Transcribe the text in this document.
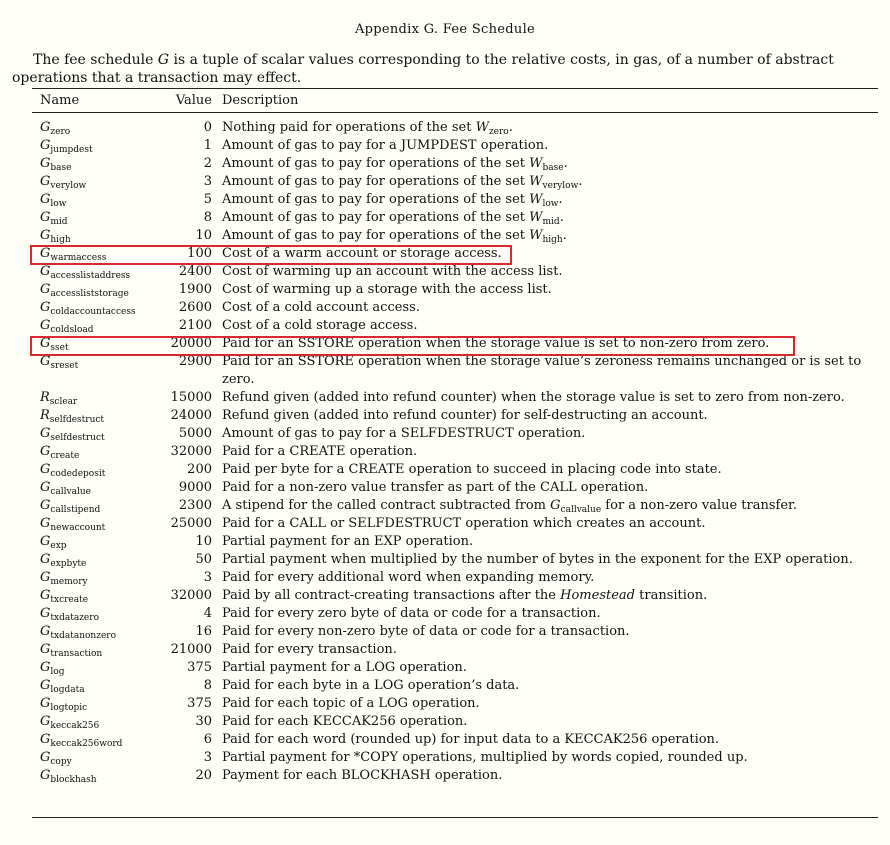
Appendix G. Fee Schedule
The fee schedule G is a tuple of scalar values corresponding to the relative costs, in gas, of a number of abstract
operations that a transaction may effect.
Name	Value	Description
$G_{zero}$	0	Nothing paid for operations of the set $W_{zero}$.
$G_{jumpdest}$	1	Amount of gas to pay for a JUMPDEST operation.
$G_{base}$	2	Amount of gas to pay for operations of the set $W_{base}$.
$G_{verylow}$	3	Amount of gas to pay for operations of the set $W_{verylow}$.
$G_{low}$	5	Amount of gas to pay for operations of the set $W_{low}$.
$G_{mid}$	8	Amount of gas to pay for operations of the set $W_{mid}$.
$G_{high}$	10	Amount of gas to pay for operations of the set $W_{high}$.
$G_{warmaccess}$	100	Cost of a warm account or storage access.
$G_{accesslistaddress}$	2400	Cost of warming up an account with the access list.
$G_{accessliststorage}$	1900	Cost of warming up a storage with the access list.
$G_{coldaccountaccess}$	2600	Cost of a cold account access.
$G_{coldsload}$	2100	Cost of a cold storage access.
$G_{sset}$	20000	Paid for an SSTORE operation when the storage value is set to non-zero from zero.
$G_{sreset}$	2900	Paid for an SSTORE operation when the storage value’s zeroness remains unchanged or is set to zero.
$R_{sclear}$	15000	Refund given (added into refund counter) when the storage value is set to zero from non-zero.
$R_{selfdestruct}$	24000	Refund given (added into refund counter) for self-destructing an account.
$G_{selfdestruct}$	5000	Amount of gas to pay for a SELFDESTRUCT operation.
$G_{create}$	32000	Paid for a CREATE operation.
$G_{codedeposit}$	200	Paid per byte for a CREATE operation to succeed in placing code into state.
$G_{callvalue}$	9000	Paid for a non-zero value transfer as part of the CALL operation.
$G_{callstipend}$	2300	A stipend for the called contract subtracted from $G_{callvalue}$ for a non-zero value transfer.
$G_{newaccount}$	25000	Paid for a CALL or SELFDESTRUCT operation which creates an account.
$G_{exp}$	10	Partial payment for an EXP operation.
$G_{expbyte}$	50	Partial payment when multiplied by the number of bytes in the exponent for the EXP operation.
$G_{memory}$	3	Paid for every additional word when expanding memory.
$G_{txcreate}$	32000	Paid by all contract-creating transactions after the Homestead transition.
$G_{txdatazero}$	4	Paid for every zero byte of data or code for a transaction.
$G_{txdatanonzero}$	16	Paid for every non-zero byte of data or code for a transaction.
$G_{transaction}$	21000	Paid for every transaction.
$G_{log}$	375	Partial payment for a LOG operation.
$G_{logdata}$	8	Paid for each byte in a LOG operation’s data.
$G_{logtopic}$	375	Paid for each topic of a LOG operation.
$G_{keccak256}$	30	Paid for each KECCAK256 operation.
$G_{keccak256word}$	6	Paid for each word (rounded up) for input data to a KECCAK256 operation.
$G_{copy}$	3	Partial payment for *COPY operations, multiplied by words copied, rounded up.
$G_{blockhash}$	20	Payment for each BLOCKHASH operation.
